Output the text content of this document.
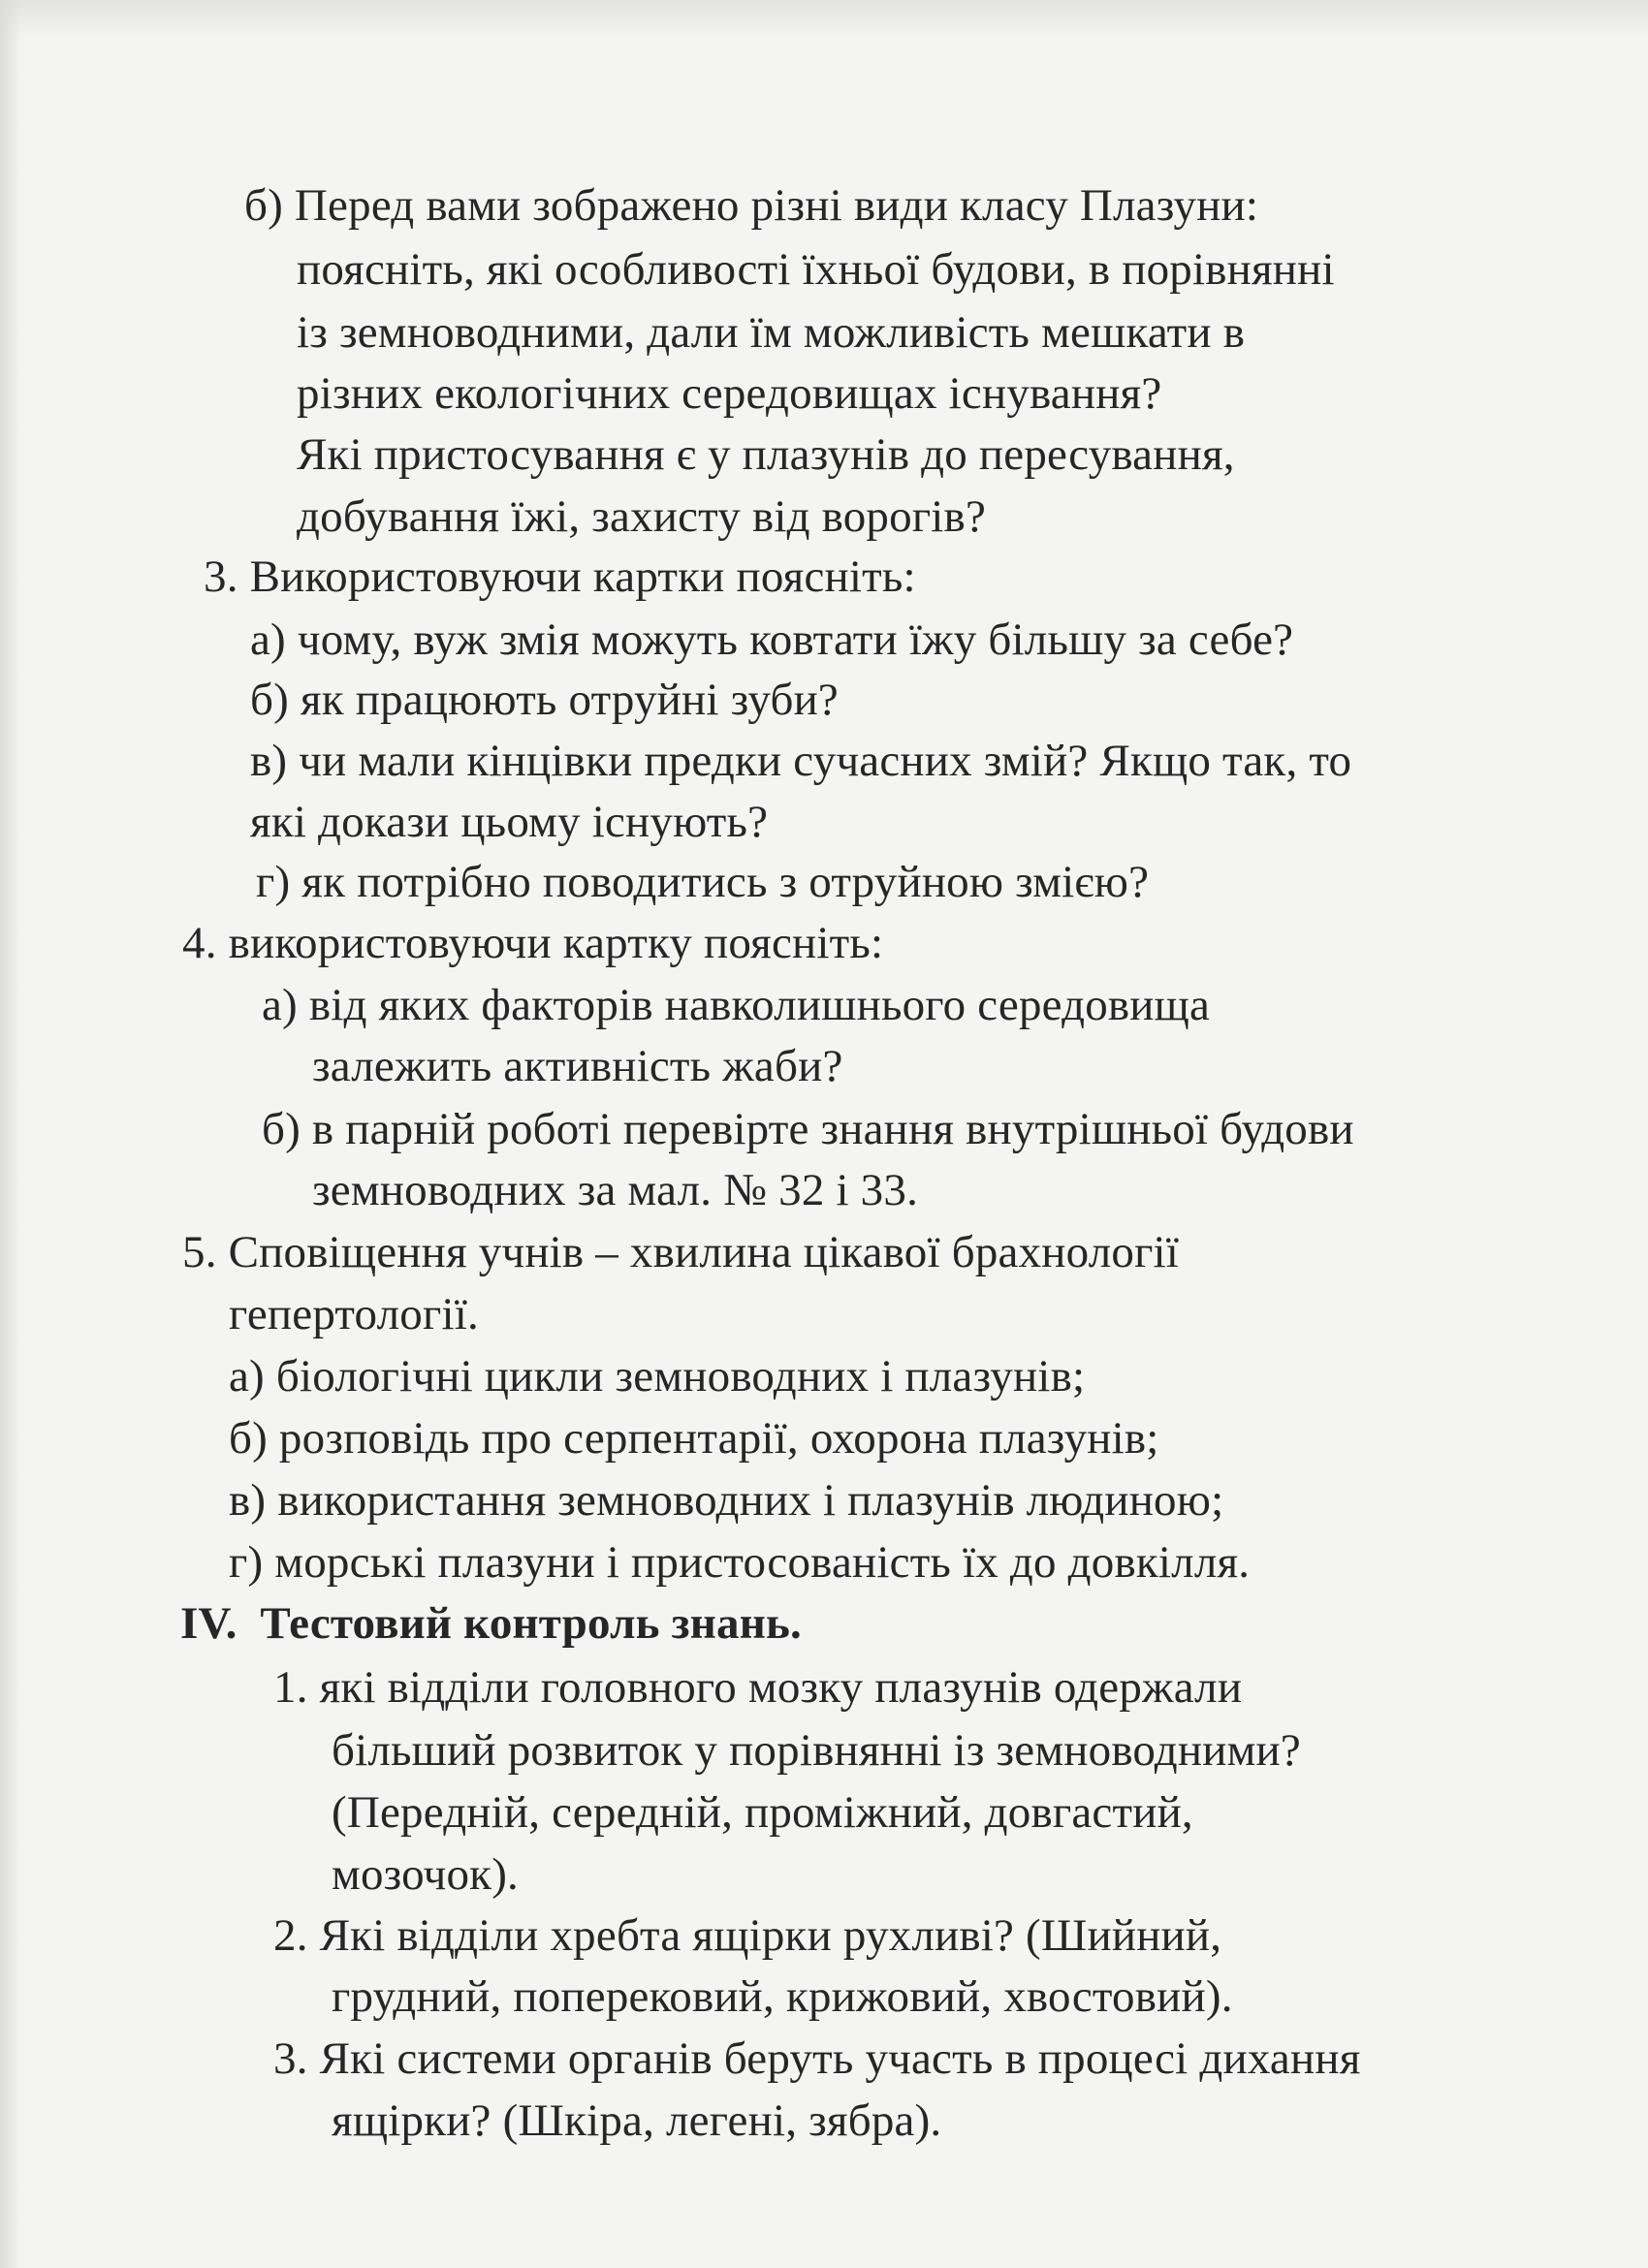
б) Перед вами зображено різні види класу Плазуни:
поясніть, які особливості їхньої будови, в порівнянні
із земноводними, дали їм можливість мешкати в
різних екологічних середовищах існування?
Які пристосування є у плазунів до пересування,
добування їжі, захисту від ворогів?
3. Використовуючи картки поясніть:
а) чому, вуж змія можуть ковтати їжу більшу за себе?
б) як працюють отруйні зуби?
в) чи мали кінцівки предки сучасних змій? Якщо так, то
які докази цьому існують?
г) як потрібно поводитись з отруйною змією?
4. використовуючи картку поясніть:
а) від яких факторів навколишнього середовища
залежить активність жаби?
б) в парній роботі перевірте знання внутрішньої будови
земноводних за мал. № 32 і 33.
5. Сповіщення учнів – хвилина цікавої брахнології
гепертології.
а) біологічні цикли земноводних і плазунів;
б) розповідь про серпентарії, охорона плазунів;
в) використання земноводних і плазунів людиною;
г) морські плазуни і пристосованість їх до довкілля.
IV.  Тестовий контроль знань.
1. які відділи головного мозку плазунів одержали
більший розвиток у порівнянні із земноводними?
(Передній, середній, проміжний, довгастий,
мозочок).
2. Які відділи хребта ящірки рухливі? (Шийний,
грудний, поперековий, крижовий, хвостовий).
3. Які системи органів беруть участь в процесі дихання
ящірки? (Шкіра, легені, зябра).
